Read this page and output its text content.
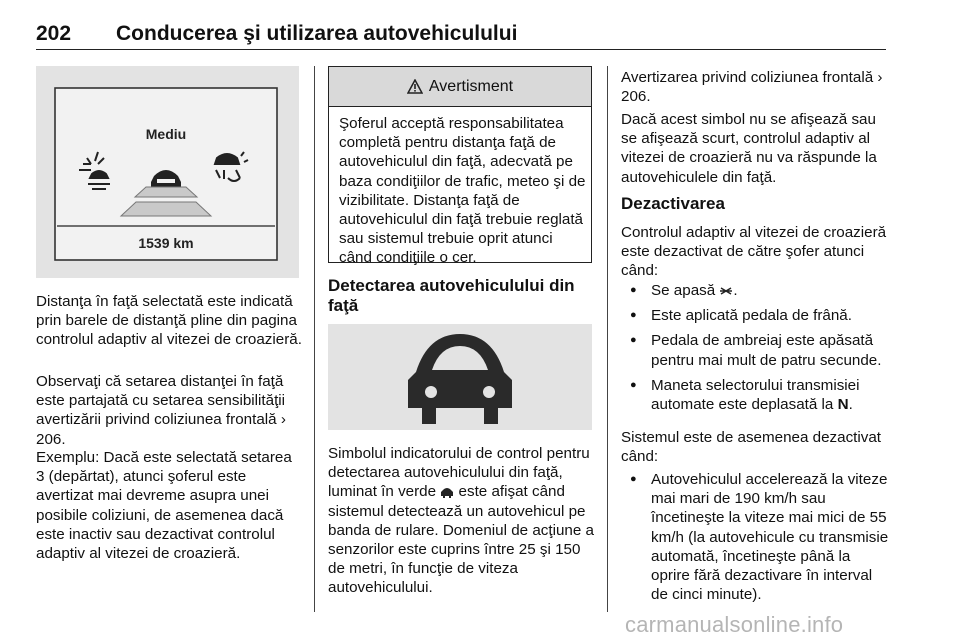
202 Conducerea şi utilizarea autovehiculului
Mediu
1539 km
Distanţa în faţă selectată este indicată prin barele de distanţă pline din pagina controlul adaptiv al vitezei de croazieră.
Observaţi că setarea distanţei în faţă este partajată cu setarea sensibilităţii avertizării privind coliziunea frontală › 206.
Exemplu: Dacă este selectată setarea 3 (depărtat), atunci şoferul este avertizat mai devreme asupra unei posibile coliziuni, de asemenea dacă este inactiv sau dezactivat controlul adaptiv al vitezei de croazieră.
Avertisment
Şoferul acceptă responsabilitatea completă pentru distanţa faţă de autovehiculul din faţă, adecvată pe baza condiţiilor de trafic, meteo şi de vizibilitate. Distanţa faţă de autovehiculul din faţă trebuie reglată sau sistemul trebuie oprit atunci când condiţiile o cer.
Detectarea autovehiculului din faţă
Simbolul indicatorului de control pentru detectarea autovehiculului din faţă, luminat în verde este afişat când sistemul detectează un autovehicul pe banda de rulare. Domeniul de acţiune a senzorilor este cuprins între 25 şi 150 de metri, în funcţie de viteza autovehiculului.
Avertizarea privind coliziunea frontală › 206.
Dacă acest simbol nu se afişează sau se afişează scurt, controlul adaptiv al vitezei de croazieră nu va răspunde la autovehiculele din faţă.
Dezactivarea
Controlul adaptiv al vitezei de croazieră este dezactivat de către şofer atunci când:
● Se apasă .
● Este aplicată pedala de frână.
● Pedala de ambreiaj este apăsată pentru mai mult de patru secunde.
● Maneta selectorului transmisiei automate este deplasată la N.
Sistemul este de asemenea dezactivat când:
● Autovehiculul accelerează la viteze mai mari de 190 km/h sau încetineşte la viteze mai mici de 55 km/h (la autovehicule cu transmisie automată, încetineşte până la oprire fără dezactivare în interval de cinci minute).
carmanualsonline.info
